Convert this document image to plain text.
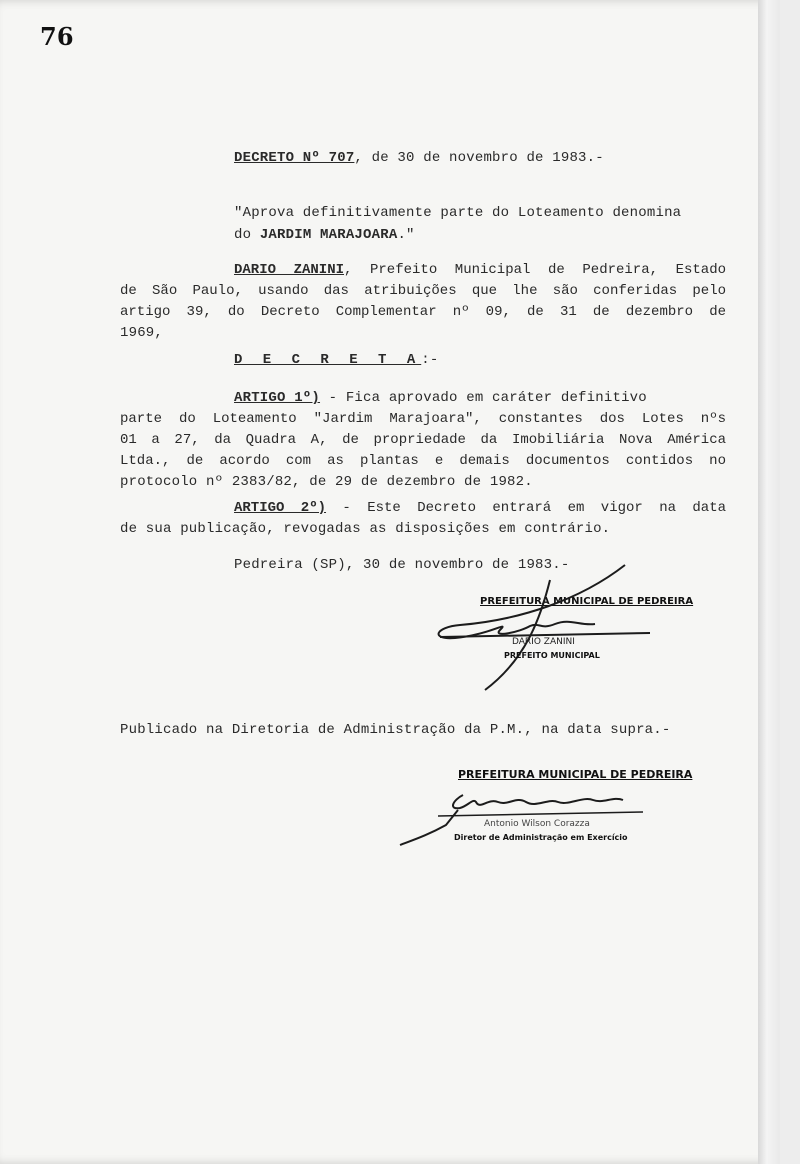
76
DECRETO Nº 707, de 30 de novembro de 1983.-
"Aprova definitivamente parte do Loteamento denomina
do JARDIM MARAJOARA."
DARIO ZANINI, Prefeito Municipal de Pedreira, Estado
de São Paulo, usando das atribuições que lhe são conferidas pelo
artigo 39, do Decreto Complementar nº 09, de 31 de dezembro de
1969,
D E C R E T A:-
ARTIGO 1º) - Fica aprovado em caráter definitivo
parte do Loteamento "Jardim Marajoara", constantes dos Lotes nºs
01 a 27, da Quadra A, de propriedade da Imobiliária Nova América
Ltda., de acordo com as plantas e demais documentos contidos no
protocolo nº 2383/82, de 29 de dezembro de 1982.
ARTIGO 2º) - Este Decreto entrará em vigor na data
de sua publicação, revogadas as disposições em contrário.
Pedreira (SP), 30 de novembro de 1983.-
PREFEITURA MUNICIPAL DE PEDREIRA
DARIO ZANINI
PREFEITO MUNICIPAL
Publicado na Diretoria de Administração da P.M., na data supra.-
PREFEITURA MUNICIPAL DE PEDREIRA
Antonio Wilson Corazza
Diretor de Administração em Exercício
